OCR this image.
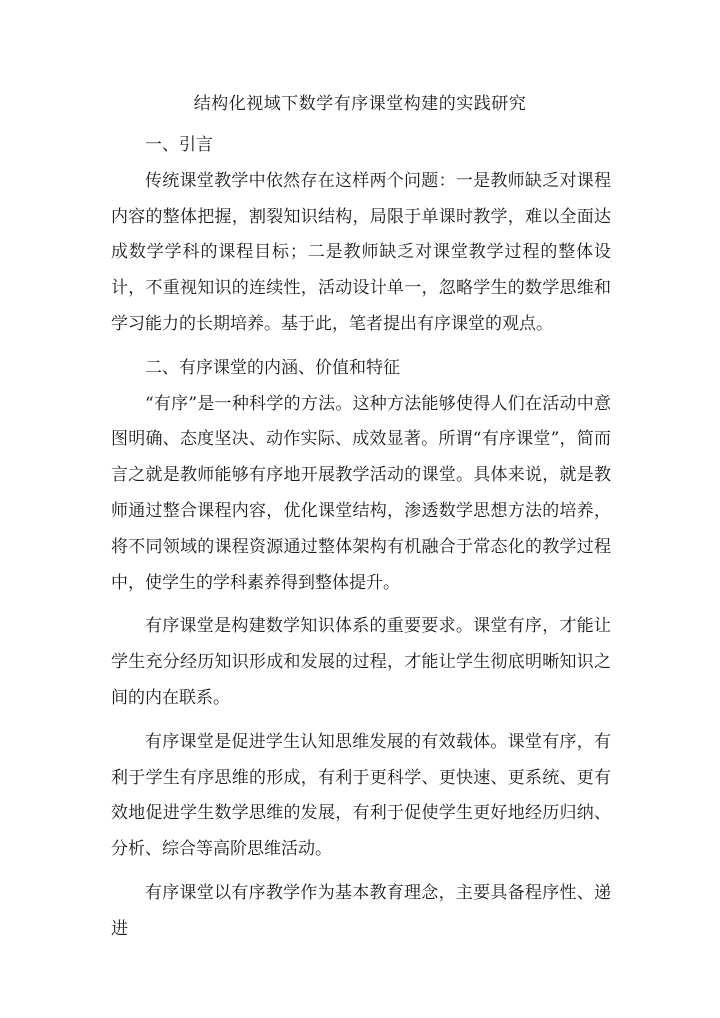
结构化视域下数学有序课堂构建的实践研究

一、引言

传统课堂教学中依然存在这样两个问题：一是教师缺乏对课程内容的整体把握，割裂知识结构，局限于单课时教学，难以全面达成数学学科的课程目标；二是教师缺乏对课堂教学过程的整体设计，不重视知识的连续性，活动设计单一，忽略学生的数学思维和学习能力的长期培养。基于此，笔者提出有序课堂的观点。

二、有序课堂的内涵、价值和特征

“有序”是一种科学的方法。这种方法能够使得人们在活动中意图明确、态度坚决、动作实际、成效显著。所谓“有序课堂”，简而言之就是教师能够有序地开展教学活动的课堂。具体来说，就是教师通过整合课程内容，优化课堂结构，渗透数学思想方法的培养，将不同领域的课程资源通过整体架构有机融合于常态化的教学过程中，使学生的学科素养得到整体提升。

有序课堂是构建数学知识体系的重要要求。课堂有序，才能让学生充分经历知识形成和发展的过程，才能让学生彻底明晰知识之间的内在联系。

有序课堂是促进学生认知思维发展的有效载体。课堂有序，有利于学生有序思维的形成，有利于更科学、更快速、更系统、更有效地促进学生数学思维的发展，有利于促使学生更好地经历归纳、分析、综合等高阶思维活动。

有序课堂以有序教学作为基本教育理念，主要具备程序性、递进
